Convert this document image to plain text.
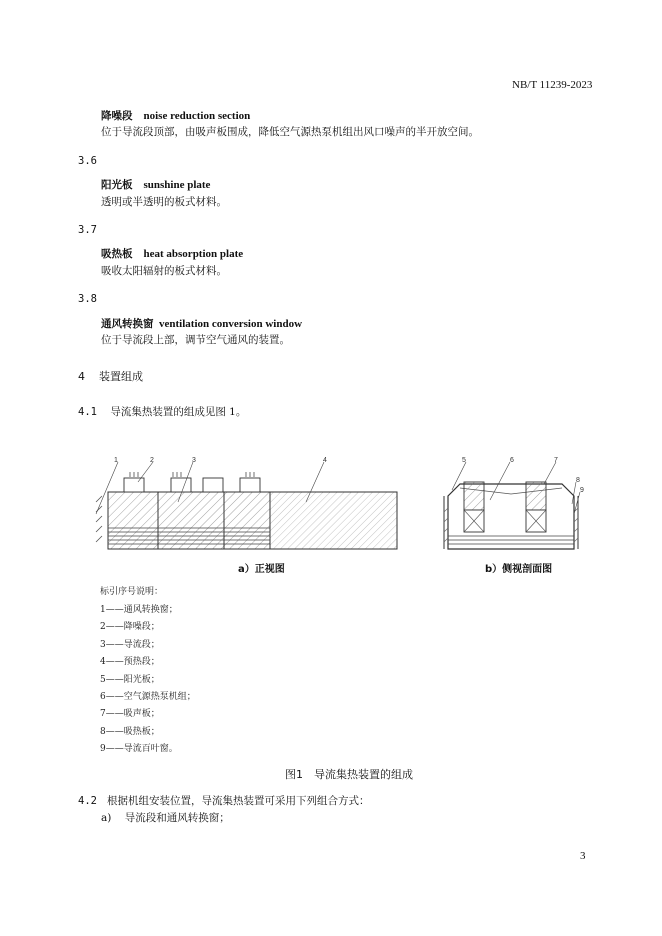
NB/T 11239-2023
降噪段 noise reduction section
位于导流段顶部，由吸声板围成，降低空气源热泵机组出风口噪声的半开放空间。
3.6
阳光板 sunshine plate
透明或半透明的板式材料。
3.7
吸热板 heat absorption plate
吸收太阳辐射的板式材料。
3.8
通风转换窗 ventilation conversion window
位于导流段上部，调节空气通风的装置。
4 装置组成
4.1 导流集热装置的组成见图 1。
1	2	3	4	5	6	7
8
9
a）正视图	b）侧视剖面图
标引序号说明：
1——通风转换窗；
2——降噪段；
3——导流段；
4——预热段；
5——阳光板；
6——空气源热泵机组；
7——吸声板；
8——吸热板；
9——导流百叶窗。
图1　导流集热装置的组成
4.2 根据机组安装位置，导流集热装置可采用下列组合方式：
a) 导流段和通风转换窗；
3
